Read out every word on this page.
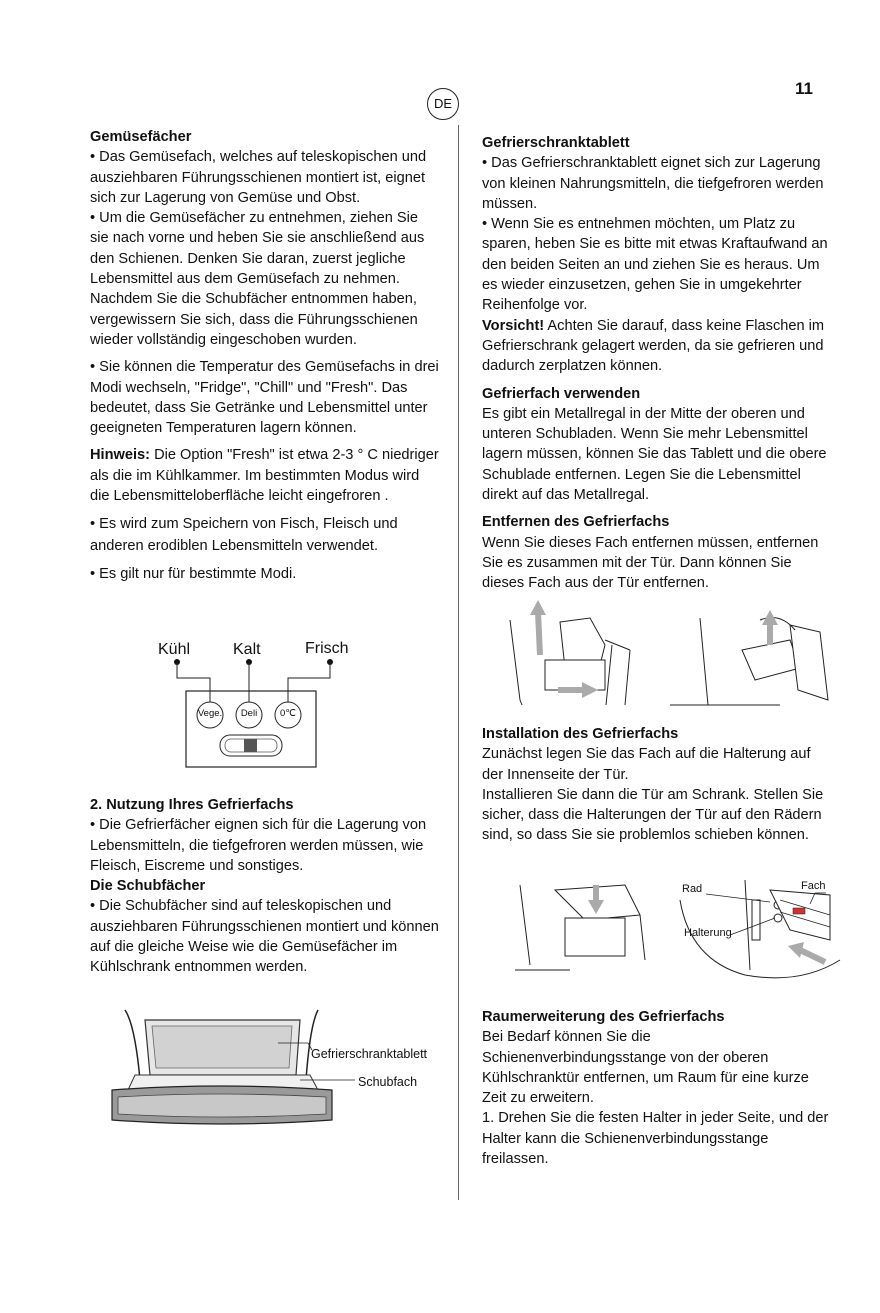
11
DE

Gemüsefächer

• Das Gemüsefach, welches auf teleskopischen und ausziehbaren Führungsschienen montiert ist, eignet sich zur Lagerung von Gemüse und Obst.

• Um die Gemüsefächer zu entnehmen, ziehen Sie sie nach vorne und heben Sie sie anschließend aus den Schienen. Denken Sie daran, zuerst jegliche Lebensmittel aus dem Gemüsefach zu nehmen. Nachdem Sie die Schubfächer entnommen haben, vergewissern Sie sich, dass die Führungsschienen wieder vollständig eingeschoben wurden.

• Sie können die Temperatur des Gemüsefachs in drei Modi wechseln, "Fridge", "Chill" und "Fresh". Das bedeutet, dass Sie Getränke und Lebensmittel unter geeigneten Temperaturen lagern können.

Hinweis: Die Option "Fresh" ist etwa 2-3 ° C niedriger als die im Kühlkammer. Im bestimmten Modus wird die Lebensmitteloberfläche leicht eingefroren .

• Es wird zum Speichern von Fisch, Fleisch und anderen erodiblen Lebensmitteln verwendet.

• Es gilt nur für bestimmte Modi.

Kühl	Kalt	Frisch
Vege.	Deli	0℃

2. Nutzung Ihres Gefrierfachs

• Die Gefrierfächer eignen sich für die Lagerung von Lebensmitteln, die tiefgefroren werden müssen, wie Fleisch, Eiscreme und sonstiges.

Die Schubfächer

• Die Schubfächer sind auf teleskopischen und ausziehbaren Führungsschienen montiert und können auf die gleiche Weise wie die Gemüsefächer im Kühlschrank entnommen werden.

Gefrierschranktablett
Schubfach

Gefrierschranktablett

• Das Gefrierschranktablett eignet sich zur Lagerung von kleinen Nahrungsmitteln, die tiefgefroren werden müssen.

• Wenn Sie es entnehmen möchten, um Platz zu sparen, heben Sie es bitte mit etwas Kraftaufwand an den beiden Seiten an und ziehen Sie es heraus. Um es wieder einzusetzen, gehen Sie in umgekehrter Reihenfolge vor.

Vorsicht! Achten Sie darauf, dass keine Flaschen im Gefrierschrank gelagert werden, da sie gefrieren und dadurch zerplatzen können.

Gefrierfach verwenden

Es gibt ein Metallregal in der Mitte der oberen und unteren Schubladen. Wenn Sie mehr Lebensmittel lagern müssen, können Sie das Tablett und die obere Schublade entfernen. Legen Sie die Lebensmittel direkt auf das Metallregal.

Entfernen des Gefrierfachs

Wenn Sie dieses Fach entfernen müssen, entfernen Sie es zusammen mit der Tür. Dann können Sie dieses Fach aus der Tür entfernen.

Installation des Gefrierfachs

Zunächst legen Sie das Fach auf die Halterung auf der Innenseite der Tür.

Installieren Sie dann die Tür am Schrank. Stellen Sie sicher, dass die Halterungen der Tür auf den Rädern sind, so dass Sie sie problemlos schieben können.

Rad	Fach
Halterung

Raumerweiterung des Gefrierfachs

Bei Bedarf können Sie die Schienenverbindungsstange von der oberen Kühlschranktür entfernen, um Raum für eine kurze Zeit zu erweitern.

1. Drehen Sie die festen Halter in jeder Seite, und der Halter kann die Schienenverbindungsstange freilassen.
